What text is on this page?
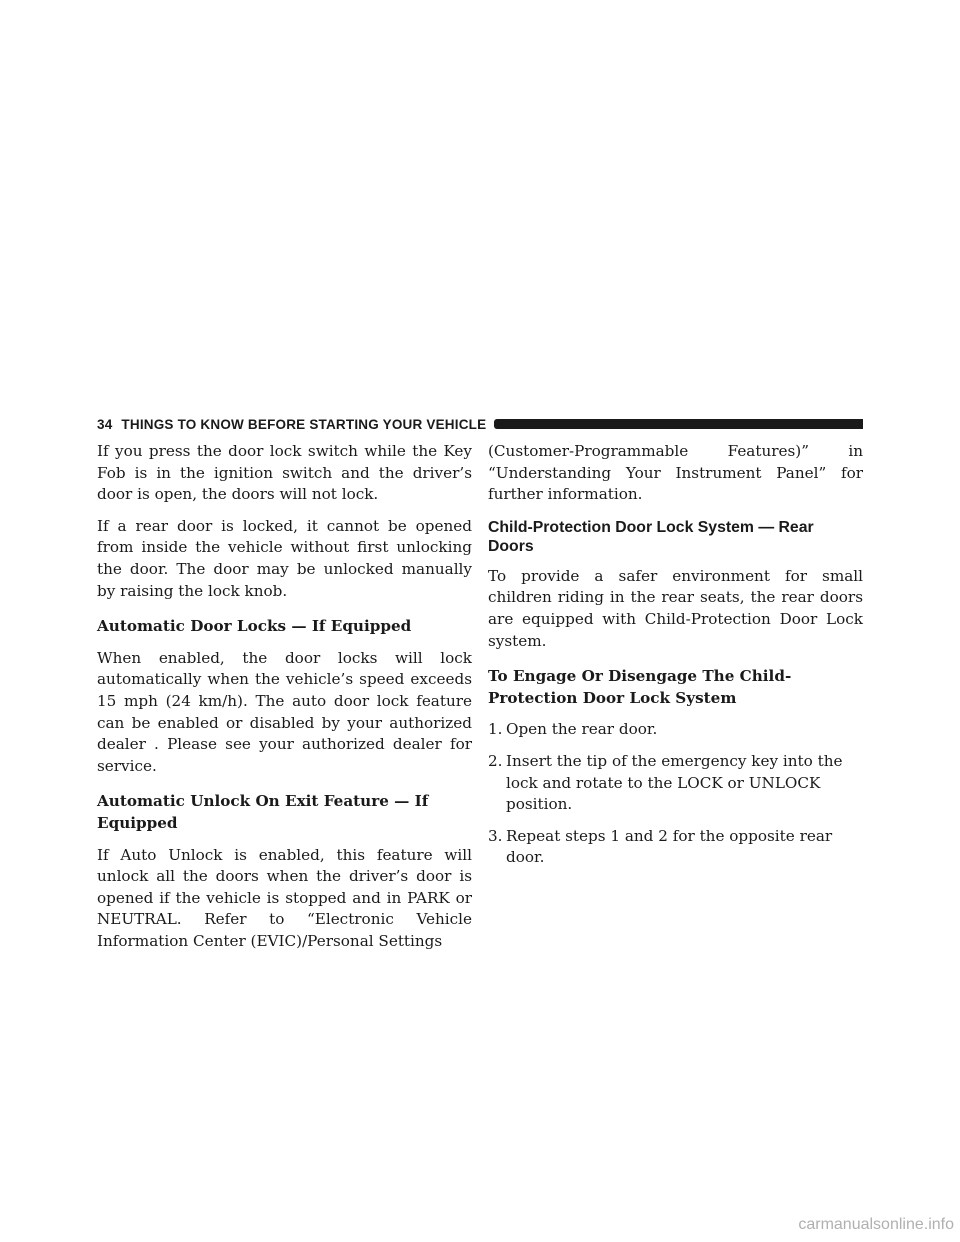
34 THINGS TO KNOW BEFORE STARTING YOUR VEHICLE

If you press the door lock switch while the Key Fob is in the ignition switch and the driver’s door is open, the doors will not lock.

If a rear door is locked, it cannot be opened from inside the vehicle without first unlocking the door. The door may be unlocked manually by raising the lock knob.

Automatic Door Locks — If Equipped

When enabled, the door locks will lock automatically when the vehicle’s speed exceeds 15 mph (24 km/h). The auto door lock feature can be enabled or disabled by your authorized dealer . Please see your authorized dealer for service.

Automatic Unlock On Exit Feature — If Equipped

If Auto Unlock is enabled, this feature will unlock all the doors when the driver’s door is opened if the vehicle is stopped and in PARK or NEUTRAL. Refer to “Electronic Vehicle Information Center (EVIC)/Personal Settings

(Customer-Programmable Features)” in “Understanding Your Instrument Panel” for further information.

Child-Protection Door Lock System — Rear Doors

To provide a safer environment for small children riding in the rear seats, the rear doors are equipped with Child-Protection Door Lock system.

To Engage Or Disengage The Child-Protection Door Lock System
1. Open the rear door.
2. Insert the tip of the emergency key into the lock and rotate to the LOCK or UNLOCK position.
3. Repeat steps 1 and 2 for the opposite rear door.
carmanualsonline.info
